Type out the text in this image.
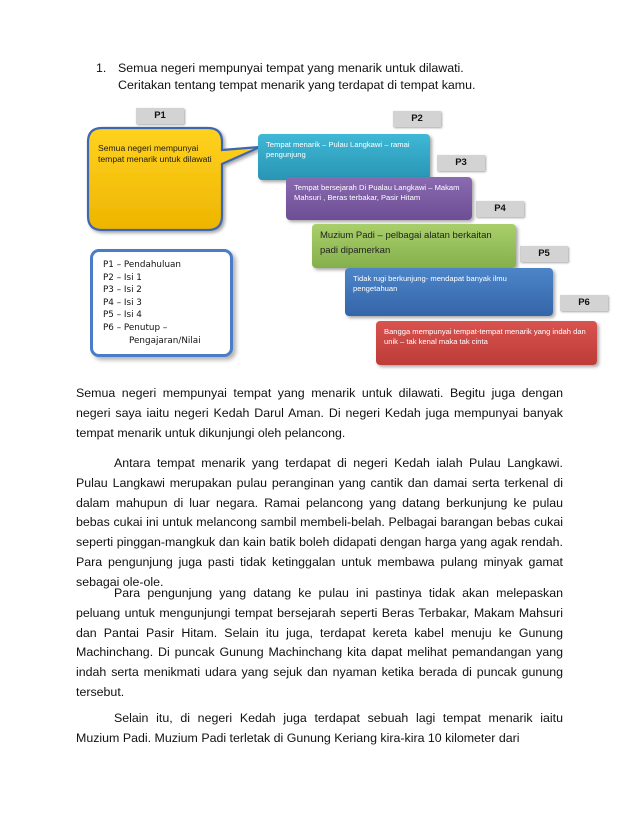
1. Semua negeri mempunyai tempat yang menarik untuk dilawati.
Ceritakan tentang tempat menarik yang terdapat di tempat kamu.
Semua negeri mempunyai tempat menarik untuk dilawati
P1	P2
P3
P4
P5
P6
Tempat menarik – Pulau Langkawi – ramai pengunjung
Tempat bersejarah Di Pualau Langkawi – Makam Mahsuri , Beras terbakar, Pasir Hitam
Muzium Padi – pelbagai alatan berkaitan padi dipamerkan
Tidak rugi berkunjung- mendapat banyak ilmu pengetahuan
Bangga mempunyai tempat-tempat menarik yang indah dan unik – tak kenal maka tak cinta
P1 – Pendahuluan
P2 – Isi 1
P3 – Isi 2
P4 – Isi 3
P5 – Isi 4
P6 – Penutup –
Pengajaran/Nilai

Semua negeri mempunyai tempat yang menarik untuk dilawati. Begitu juga dengan negeri saya iaitu negeri Kedah Darul Aman. Di negeri Kedah juga mempunyai banyak tempat menarik untuk dikunjungi oleh pelancong.

Antara tempat menarik yang terdapat di negeri Kedah ialah Pulau Langkawi. Pulau Langkawi merupakan pulau peranginan yang cantik dan damai serta terkenal di dalam mahupun di luar negara. Ramai pelancong yang datang berkunjung ke pulau bebas cukai ini untuk melancong sambil membeli-belah. Pelbagai barangan bebas cukai seperti pinggan-mangkuk dan kain batik boleh didapati dengan harga yang agak rendah. Para pengunjung juga pasti tidak ketinggalan untuk membawa pulang minyak gamat sebagai ole-ole.

Para pengunjung yang datang ke pulau ini pastinya tidak akan melepaskan peluang untuk mengunjungi tempat bersejarah seperti Beras Terbakar, Makam Mahsuri dan Pantai Pasir Hitam. Selain itu juga, terdapat kereta kabel menuju ke Gunung Machinchang. Di puncak Gunung Machinchang kita dapat melihat pemandangan yang indah serta menikmati udara yang sejuk dan nyaman ketika berada di puncak gunung tersebut.

Selain itu, di negeri Kedah juga terdapat sebuah lagi tempat menarik iaitu Muzium Padi. Muzium Padi terletak di Gunung Keriang kira-kira 10 kilometer dari
